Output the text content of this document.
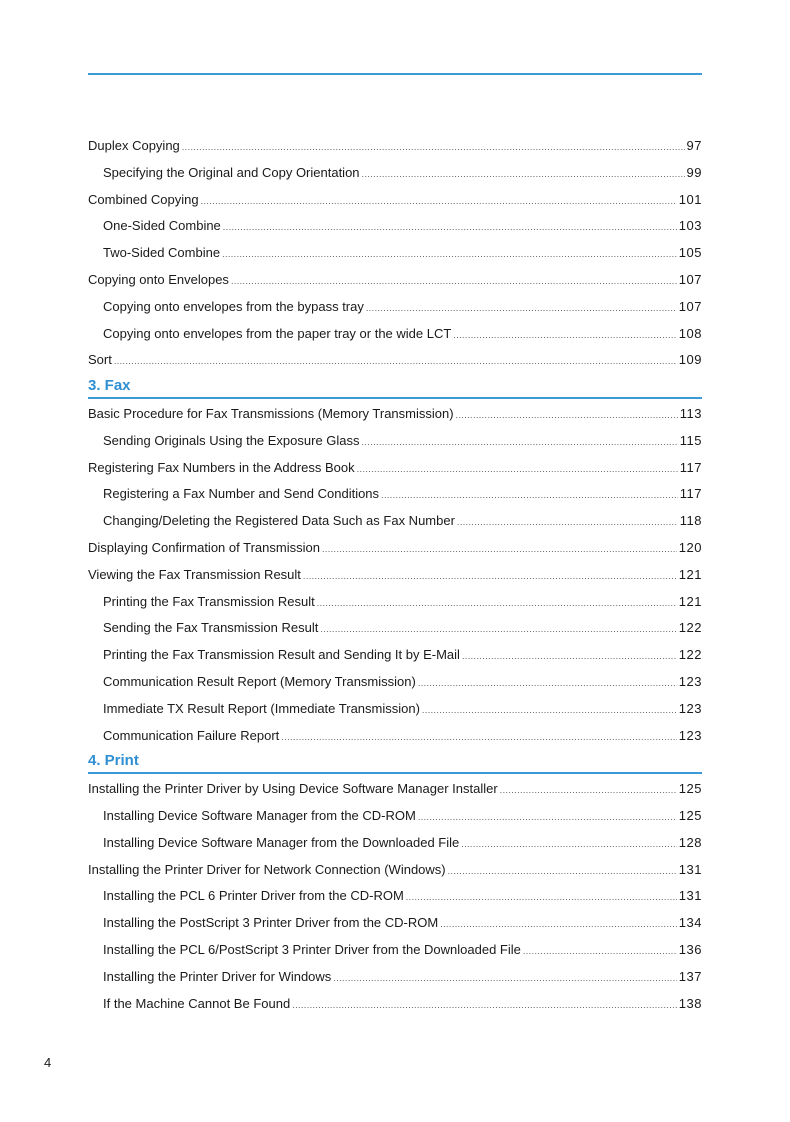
Duplex Copying .....	97
Specifying the Original and Copy Orientation .....	99
Combined Copying .....	101
One-Sided Combine .....	103
Two-Sided Combine .....	105
Copying onto Envelopes .....	107
Copying onto envelopes from the bypass tray .....	107
Copying onto envelopes from the paper tray or the wide LCT .....	108
Sort .....	109
3. Fax
Basic Procedure for Fax Transmissions (Memory Transmission) .....	113
Sending Originals Using the Exposure Glass .....	115
Registering Fax Numbers in the Address Book .....	117
Registering a Fax Number and Send Conditions .....	117
Changing/Deleting the Registered Data Such as Fax Number .....	118
Displaying Confirmation of Transmission .....	120
Viewing the Fax Transmission Result .....	121
Printing the Fax Transmission Result .....	121
Sending the Fax Transmission Result .....	122
Printing the Fax Transmission Result and Sending It by E-Mail .....	122
Communication Result Report (Memory Transmission) .....	123
Immediate TX Result Report (Immediate Transmission) .....	123
Communication Failure Report .....	123
4. Print
Installing the Printer Driver by Using Device Software Manager Installer .....	125
Installing Device Software Manager from the CD-ROM .....	125
Installing Device Software Manager from the Downloaded File .....	128
Installing the Printer Driver for Network Connection (Windows) .....	131
Installing the PCL 6 Printer Driver from the CD-ROM .....	131
Installing the PostScript 3 Printer Driver from the CD-ROM .....	134
Installing the PCL 6/PostScript 3 Printer Driver from the Downloaded File .....	136
Installing the Printer Driver for Windows .....	137
If the Machine Cannot Be Found .....	138
4
